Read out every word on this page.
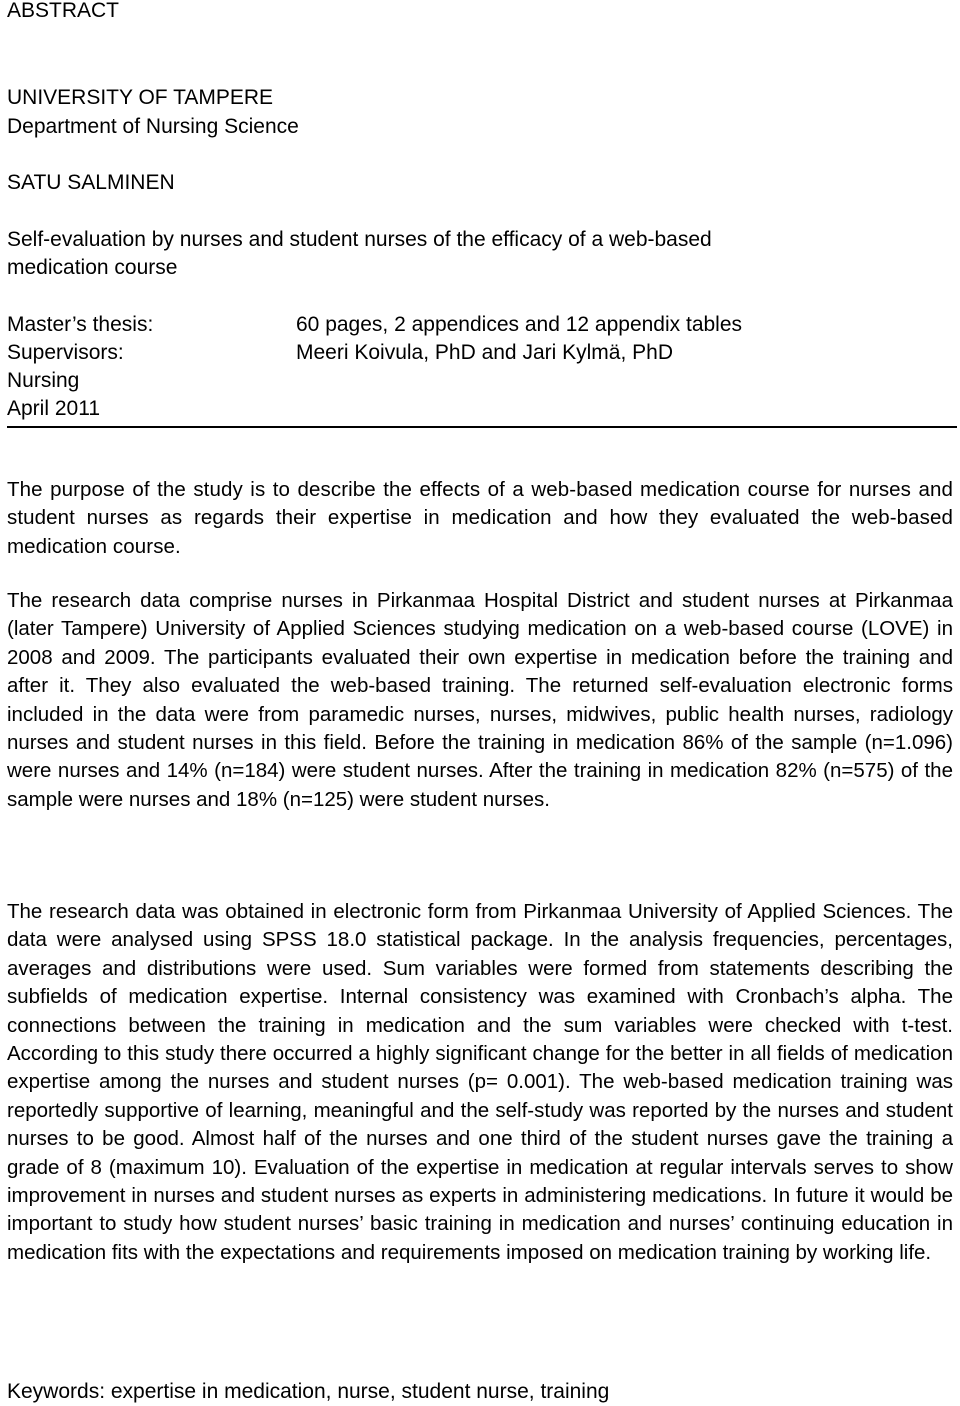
ABSTRACT
UNIVERSITY OF TAMPERE
Department of Nursing Science
SATU SALMINEN
Self-evaluation by nurses and student nurses of the efficacy of a web-based
medication course
Master’s thesis:	60 pages, 2 appendices and 12 appendix tables
Supervisors:	Meeri Koivula, PhD and Jari Kylmä, PhD
Nursing
April 2011
The purpose of the study is to describe the effects of a web-based medication course for nurses and student nurses as regards their expertise in medication and how they evaluated the web-based medication course.
The research data comprise nurses in Pirkanmaa Hospital District and student nurses at Pirkanmaa (later Tampere) University of Applied Sciences studying medication on a web-based course (LOVE) in 2008 and 2009. The participants evaluated their own expertise in medication before the training and after it. They also evaluated the web-based training. The returned self-evaluation electronic forms included in the data were from paramedic nurses, nurses, midwives, public health nurses, radiology nurses and student nurses in this field. Before the training in medication 86% of the sample (n=1.096) were nurses and 14% (n=184) were student nurses. After the training in medication 82% (n=575) of the sample were nurses and 18% (n=125) were student nurses.
The research data was obtained in electronic form from Pirkanmaa University of Applied Sciences. The data were analysed using SPSS 18.0 statistical package. In the analysis frequencies, percentages, averages and distributions were used. Sum variables were formed from statements describing the subfields of medication expertise. Internal consistency was examined with Cronbach’s alpha. The connections between the training in medication and the sum variables were checked with t-test. According to this study there occurred a highly significant change for the better in all fields of medication expertise among the nurses and student nurses (p= 0.001). The web-based medication training was reportedly supportive of learning, meaningful and the self-study was reported by the nurses and student nurses to be good. Almost half of the nurses and one third of the student nurses gave the training a grade of 8 (maximum 10). Evaluation of the expertise in medication at regular intervals serves to show improvement in nurses and student nurses as experts in administering medications. In future it would be important to study how student nurses’ basic training in medication and nurses’ continuing education in medication fits with the expectations and requirements imposed on medication training by working life.
Keywords: expertise in medication, nurse, student nurse, training
